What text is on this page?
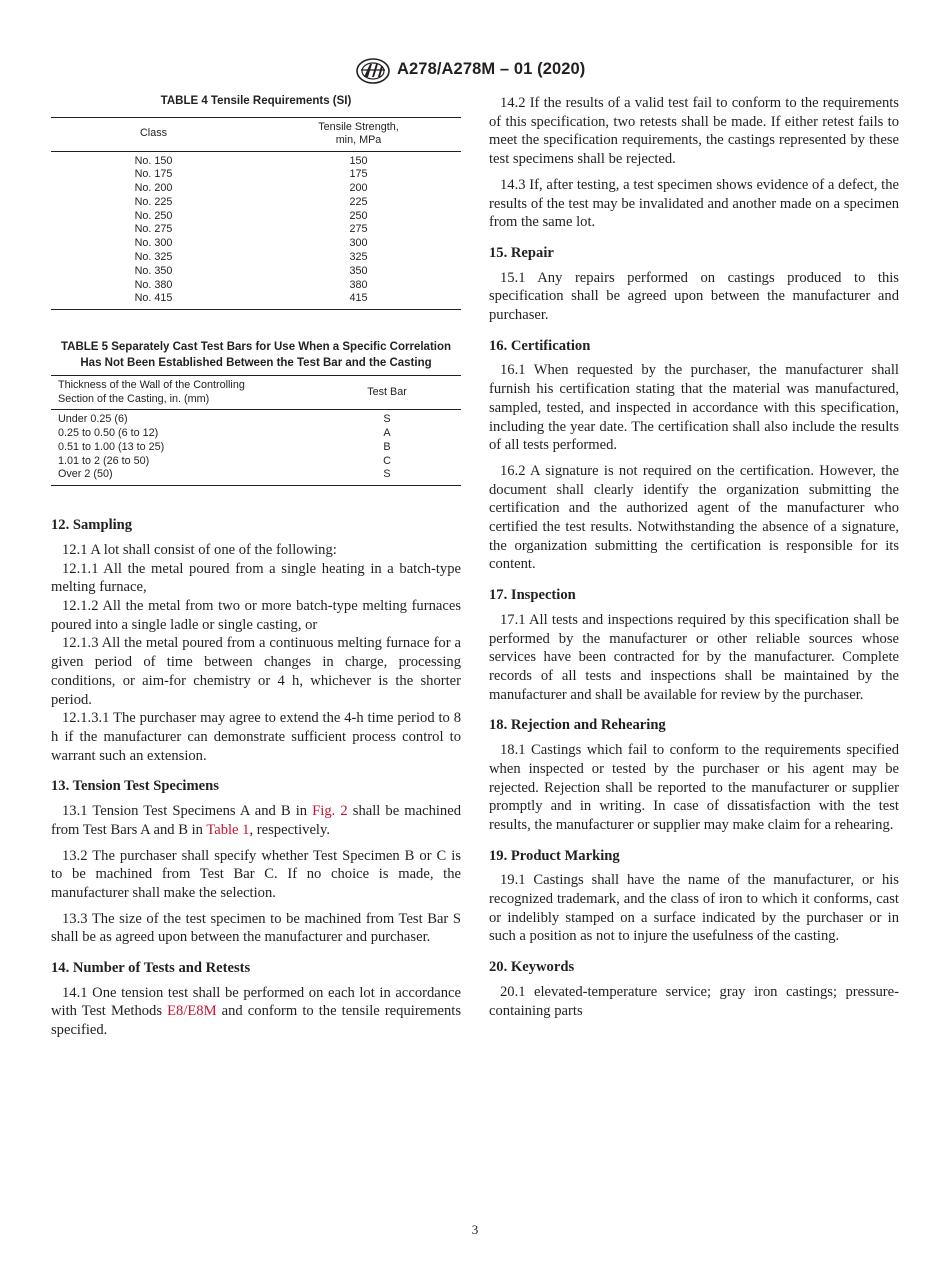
A278/A278M – 01 (2020)
TABLE 4 Tensile Requirements (SI)
Class	Tensile Strength,
min, MPa
No. 150	150
No. 175	175
No. 200	200
No. 225	225
No. 250	250
No. 275	275
No. 300	300
No. 325	325
No. 350	350
No. 380	380
No. 415	415
TABLE 5 Separately Cast Test Bars for Use When a Specific Correlation Has Not Been Established Between the Test Bar and the Casting
Thickness of the Wall of the Controlling
Section of the Casting, in. (mm)	Test Bar
Under 0.25 (6)	S
0.25 to 0.50 (6 to 12)	A
0.51 to 1.00 (13 to 25)	B
1.01 to 2 (26 to 50)	C
Over 2 (50)	S
12. Sampling

12.1 A lot shall consist of one of the following:

12.1.1 All the metal poured from a single heating in a batch-type melting furnace,

12.1.2 All the metal from two or more batch-type melting furnaces poured into a single ladle or single casting, or

12.1.3 All the metal poured from a continuous melting furnace for a given period of time between changes in charge, processing conditions, or aim-for chemistry or 4 h, whichever is the shorter period.

12.1.3.1 The purchaser may agree to extend the 4-h time period to 8 h if the manufacturer can demonstrate sufficient process control to warrant such an extension.

13. Tension Test Specimens

13.1 Tension Test Specimens A and B in Fig. 2 shall be machined from Test Bars A and B in Table 1, respectively.

13.2 The purchaser shall specify whether Test Specimen B or C is to be machined from Test Bar C. If no choice is made, the manufacturer shall make the selection.

13.3 The size of the test specimen to be machined from Test Bar S shall be as agreed upon between the manufacturer and purchaser.

14. Number of Tests and Retests

14.1 One tension test shall be performed on each lot in accordance with Test Methods E8/E8M and conform to the tensile requirements specified.

14.2 If the results of a valid test fail to conform to the requirements of this specification, two retests shall be made. If either retest fails to meet the specification requirements, the castings represented by these test specimens shall be rejected.

14.3 If, after testing, a test specimen shows evidence of a defect, the results of the test may be invalidated and another made on a specimen from the same lot.

15. Repair

15.1 Any repairs performed on castings produced to this specification shall be agreed upon between the manufacturer and purchaser.

16. Certification

16.1 When requested by the purchaser, the manufacturer shall furnish his certification stating that the material was manufactured, sampled, tested, and inspected in accordance with this specification, including the year date. The certification shall also include the results of all tests performed.

16.2 A signature is not required on the certification. However, the document shall clearly identify the organization submitting the certification and the authorized agent of the manufacturer who certified the test results. Notwithstanding the absence of a signature, the organization submitting the certification is responsible for its content.

17. Inspection

17.1 All tests and inspections required by this specification shall be performed by the manufacturer or other reliable sources whose services have been contracted for by the manufacturer. Complete records of all tests and inspections shall be maintained by the manufacturer and shall be available for review by the purchaser.

18. Rejection and Rehearing

18.1 Castings which fail to conform to the requirements specified when inspected or tested by the purchaser or his agent may be rejected. Rejection shall be reported to the manufacturer or supplier promptly and in writing. In case of dissatisfaction with the test results, the manufacturer or supplier may make claim for a rehearing.

19. Product Marking

19.1 Castings shall have the name of the manufacturer, or his recognized trademark, and the class of iron to which it conforms, cast or indelibly stamped on a surface indicated by the purchaser or in such a position as not to injure the usefulness of the casting.

20. Keywords

20.1 elevated-temperature service; gray iron castings; pressure-containing parts

3
